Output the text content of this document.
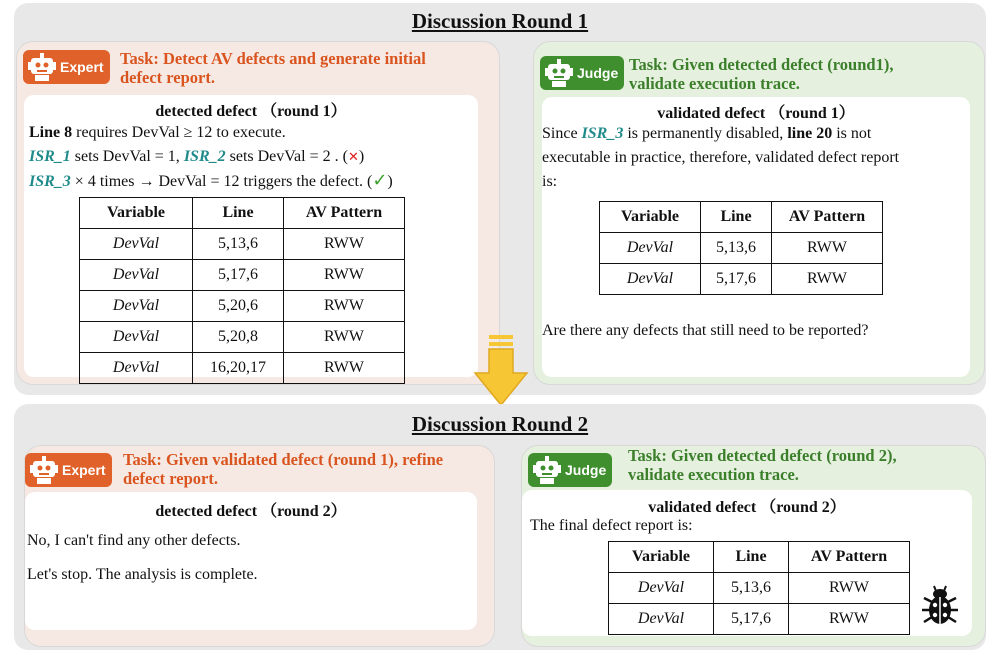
Discussion Round 1
Expert Task: Detect AV defects and generate initial
defect report.
detected defect （round 1）
Line 8 requires DevVal ≥ 12 to execute.
ISR_1 sets DevVal = 1, ISR_2 sets DevVal = 2 . (✕)
ISR_3 × 4 times → DevVal = 12 triggers the defect. (✓)
Variable	Line	AV Pattern
DevVal	5,13,6	RWW
DevVal	5,17,6	RWW
DevVal	5,20,6	RWW
DevVal	5,20,8	RWW
DevVal	16,20,17	RWW
Judge Task: Given detected defect (round1),
validate execution trace.
validated defect （round 1）
Since ISR_3 is permanently disabled, line 20 is not
executable in practice, therefore, validated defect report
is:
Variable	Line	AV Pattern
DevVal	5,13,6	RWW
DevVal	5,17,6	RWW
Are there any defects that still need to be reported?
Discussion Round 2
Expert
Task: Given validated defect (round 1), refine
defect report.
detected defect （round 2）
No, I can't find any other defects.
Let's stop. The analysis is complete.
Judge
Task: Given detected defect (round 2),
validate execution trace.
validated defect （round 2）
The final defect report is:
Variable	Line	AV Pattern
DevVal	5,13,6	RWW
DevVal	5,17,6	RWW
